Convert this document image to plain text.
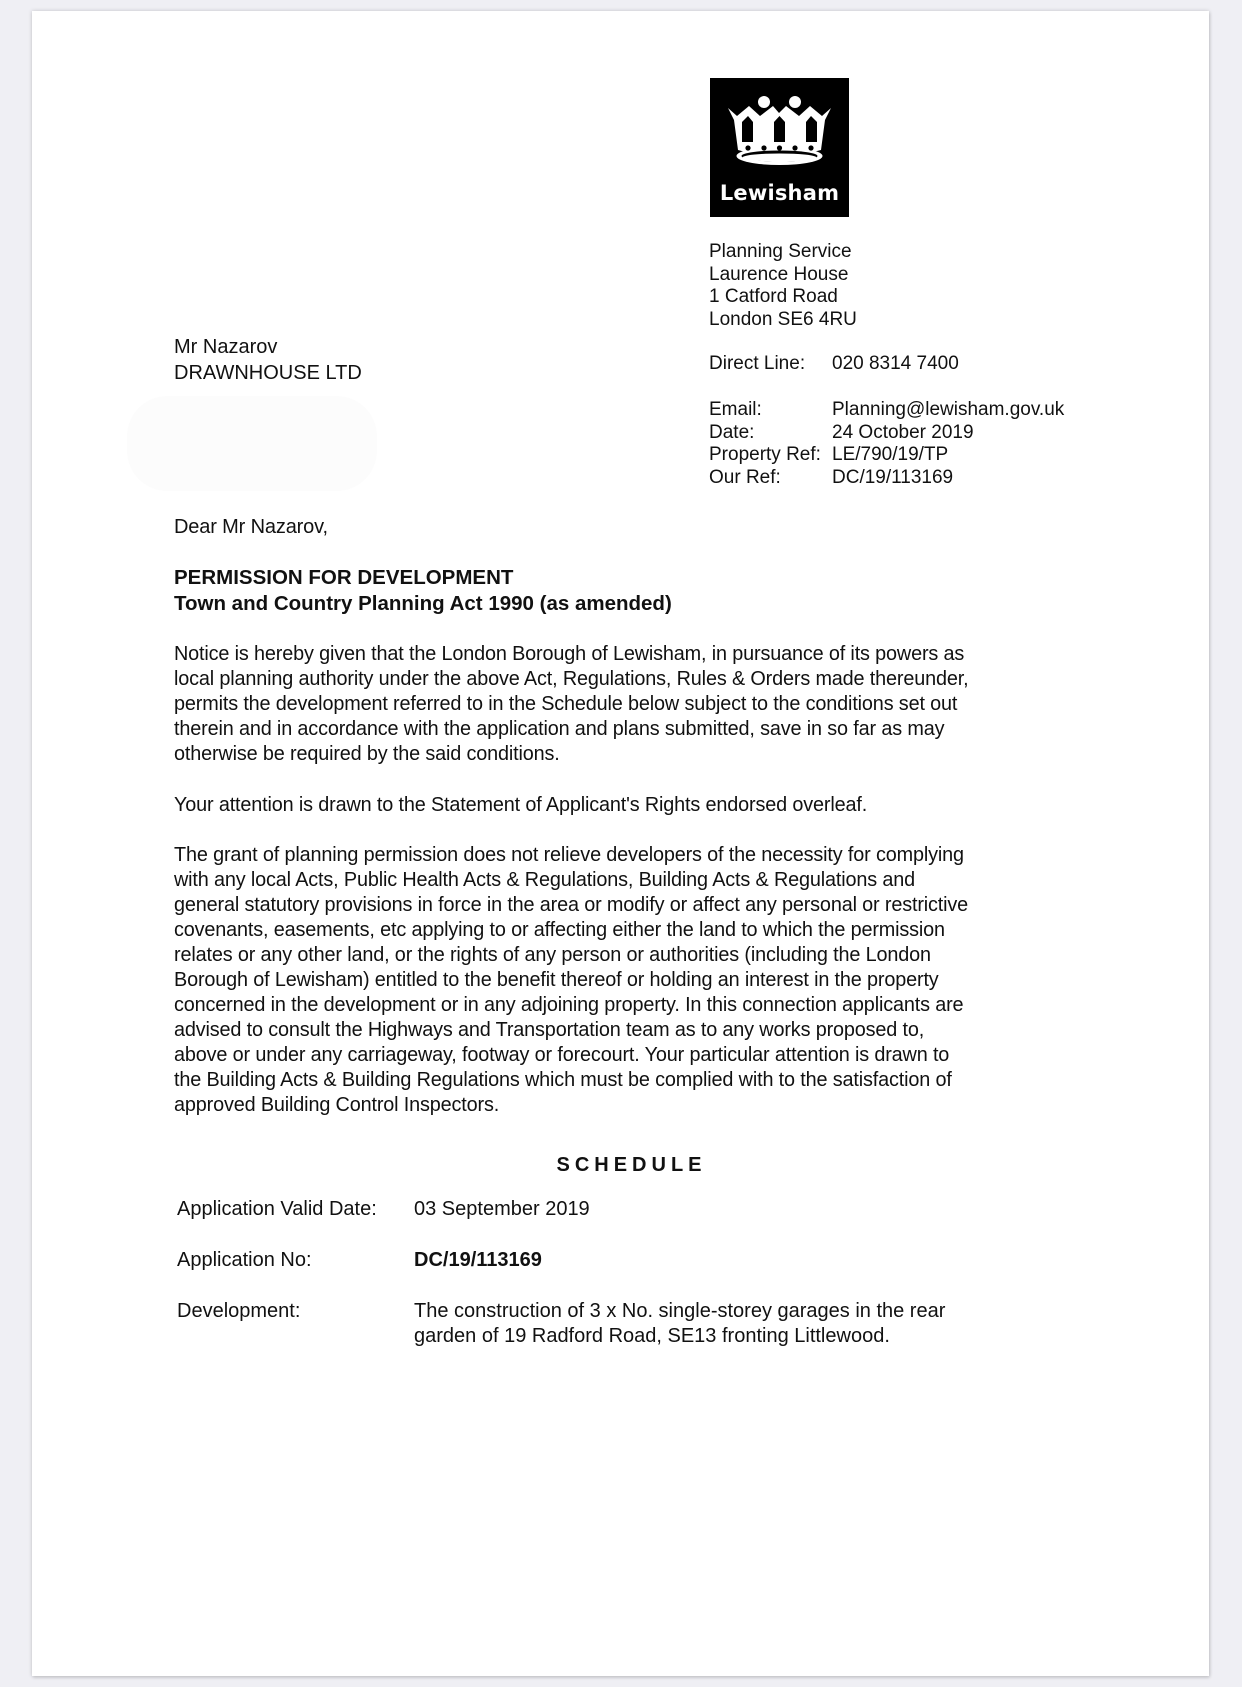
Lewisham
Planning Service
Laurence House
1 Catford Road
London SE6 4RU
Direct Line:	020 8314 7400
Email:	Planning@lewisham.gov.uk
Date:	24 October 2019
Property Ref: LE/790/19/TP
Our Ref:	DC/19/113169
Mr Nazarov
DRAWNHOUSE LTD
Dear Mr Nazarov,
PERMISSION FOR DEVELOPMENT
Town and Country Planning Act 1990 (as amended)
Notice is hereby given that the London Borough of Lewisham, in pursuance of its powers as
local planning authority under the above Act, Regulations, Rules & Orders made thereunder,
permits the development referred to in the Schedule below subject to the conditions set out
therein and in accordance with the application and plans submitted, save in so far as may
otherwise be required by the said conditions.
Your attention is drawn to the Statement of Applicant's Rights endorsed overleaf.
The grant of planning permission does not relieve developers of the necessity for complying
with any local Acts, Public Health Acts & Regulations, Building Acts & Regulations and
general statutory provisions in force in the area or modify or affect any personal or restrictive
covenants, easements, etc applying to or affecting either the land to which the permission
relates or any other land, or the rights of any person or authorities (including the London
Borough of Lewisham) entitled to the benefit thereof or holding an interest in the property
concerned in the development or in any adjoining property. In this connection applicants are
advised to consult the Highways and Transportation team as to any works proposed to,
above or under any carriageway, footway or forecourt. Your particular attention is drawn to
the Building Acts & Building Regulations which must be complied with to the satisfaction of
approved Building Control Inspectors.
SCHEDULE
Application Valid Date: 03 September 2019
Application No:	DC/19/113169
Development:	The construction of 3 x No. single-storey garages in the rear
garden of 19 Radford Road, SE13 fronting Littlewood.
